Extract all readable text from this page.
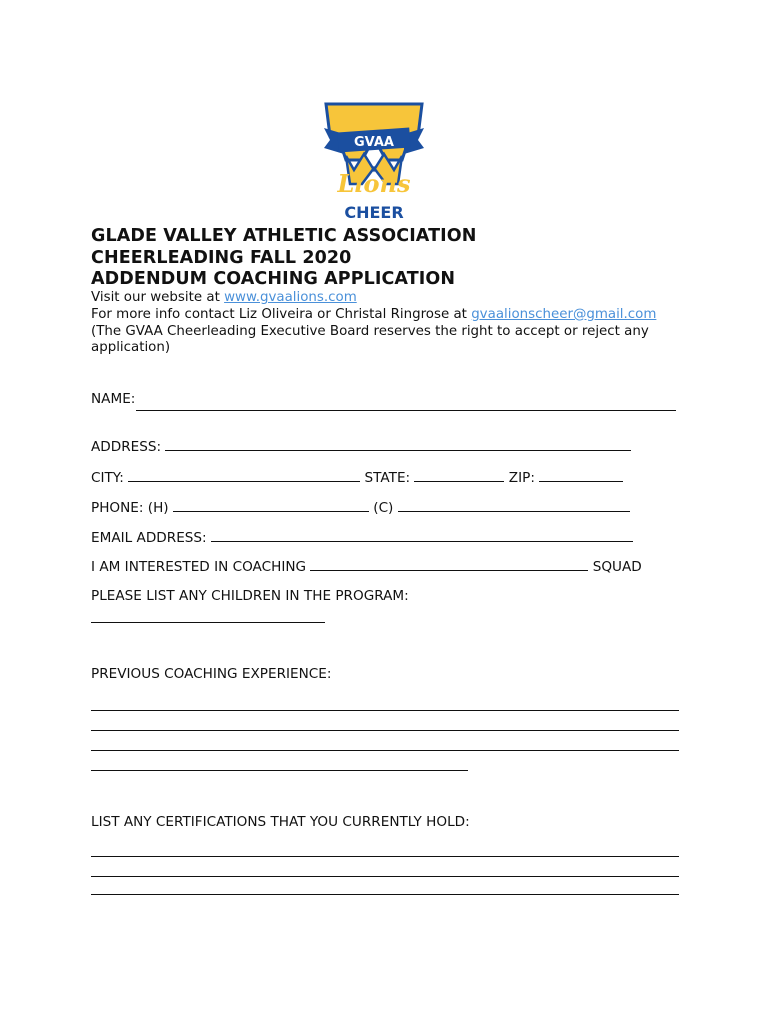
GVAA
Lions
CHEER
GLADE VALLEY ATHLETIC ASSOCIATION
CHEERLEADING FALL 2020
ADDENDUM COACHING APPLICATION
Visit our website at www.gvaalions.com
For more info contact Liz Oliveira or Christal Ringrose at gvaalionscheer@gmail.com
(The GVAA Cheerleading Executive Board reserves the right to accept or reject any application)
NAME:
ADDRESS:
CITY:	STATE:	ZIP:
PHONE: (H)	(C)
EMAIL ADDRESS:
I AM INTERESTED IN COACHING	SQUAD
PLEASE LIST ANY CHILDREN IN THE PROGRAM:
PREVIOUS COACHING EXPERIENCE:
LIST ANY CERTIFICATIONS THAT YOU CURRENTLY HOLD:
